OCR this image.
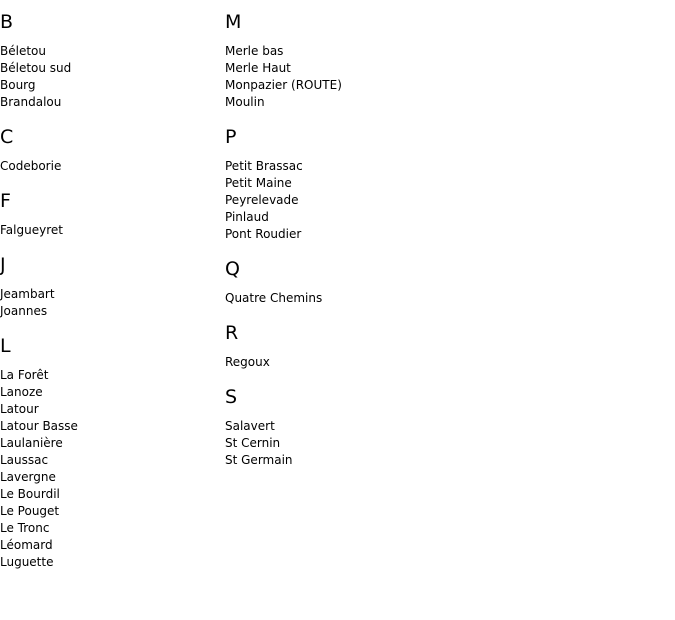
B
Béletou
Béletou sud
Bourg
Brandalou
C
Codeborie
F
Falgueyret
J
Jeambart
Joannes
L
La Forêt
Lanoze
Latour
Latour Basse
Laulanière
Laussac
Lavergne
Le Bourdil
Le Pouget
Le Tronc
Léomard
Luguette
M
Merle bas
Merle Haut
Monpazier (ROUTE)
Moulin
P
Petit Brassac
Petit Maine
Peyrelevade
Pinlaud
Pont Roudier
Q
Quatre Chemins
R
Regoux
S
Salavert
St Cernin
St Germain
